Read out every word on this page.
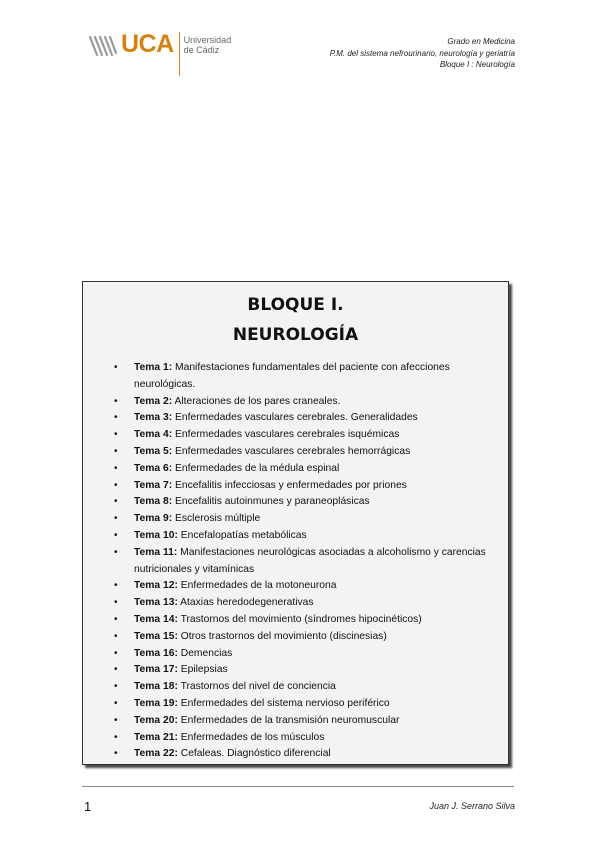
UCA Universidad
de Cádiz
Grado en Medicina
P.M. del sistema nefrourinario, neurología y geriatría
Bloque I : Neurología
BLOQUE I.
NEUROLOGÍA
• Tema 1: Manifestaciones fundamentales del paciente con afecciones neurológicas.
• Tema 2: Alteraciones de los pares craneales.
• Tema 3: Enfermedades vasculares cerebrales. Generalidades
• Tema 4: Enfermedades vasculares cerebrales isquémicas
• Tema 5: Enfermedades vasculares cerebrales hemorrágicas
• Tema 6: Enfermedades de la médula espinal
• Tema 7: Encefalitis infecciosas y enfermedades por priones
• Tema 8: Encefalitis autoinmunes y paraneoplásicas
• Tema 9: Esclerosis múltiple
• Tema 10: Encefalopatías metabólicas
• Tema 11: Manifestaciones neurológicas asociadas a alcoholismo y carencias nutricionales y vitamínicas
• Tema 12: Enfermedades de la motoneurona
• Tema 13: Ataxias heredodegenerativas
• Tema 14: Trastornos del movimiento (síndromes hipocinéticos)
• Tema 15: Otros trastornos del movimiento (discinesias)
• Tema 16: Demencias
• Tema 17: Epilepsias
• Tema 18: Trastornos del nivel de conciencia
• Tema 19: Enfermedades del sistema nervioso periférico
• Tema 20: Enfermedades de la transmisión neuromuscular
• Tema 21: Enfermedades de los músculos
• Tema 22: Cefaleas. Diagnóstico diferencial
1	Juan J. Serrano Silva
